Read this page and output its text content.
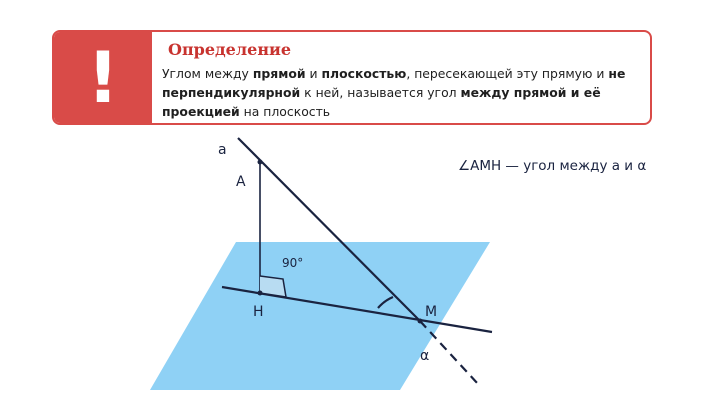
!	Определение
Углом между прямой и плоскостью, пересекающей эту прямую и не перпендикулярной к ней, называется угол между прямой и её проекцией на плоскость
a
A
H	M
α
90°
∠AMH — угол между a и α
